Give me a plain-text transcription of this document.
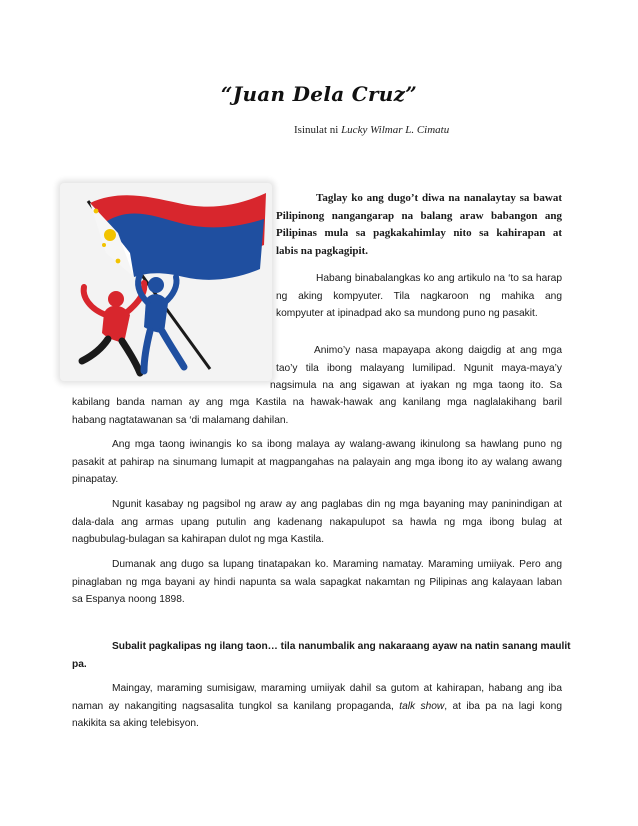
“Juan Dela Cruz”
Isinulat ni Lucky Wilmar L. Cimatu
Taglay ko ang dugo’t diwa na nanalaytay sa bawat
Pilipinong nangangarap na balang araw babangon ang
Pilipinas mula sa pagkakahimlay nito sa kahirapan at
labis na pagkagipit.
Habang binabalangkas ko ang artikulo na ‘to sa harap
ng aking kompyuter. Tila nagkaroon ng mahika ang
kompyuter at ipinadpad ako sa mundong puno ng pasakit.
Animo’y nasa mapayapa akong daigdig at ang mga
tao’y tila ibong malayang lumilipad. Ngunit maya-maya’y
nagsimula na ang sigawan at iyakan ng mga taong ito. Sa
kabilang banda naman ay ang mga Kastila na hawak-hawak ang kanilang mga naglalakihang baril
habang nagtatawanan sa ‘di malamang dahilan.
Ang mga taong iwinangis ko sa ibong malaya ay walang-awang ikinulong sa hawlang puno ng
pasakit at pahirap na sinumang lumapit at magpangahas na palayain ang mga ibong ito ay walang awang
pinapatay.
Ngunit kasabay ng pagsibol ng araw ay ang paglabas din ng mga bayaning may paninindigan at
dala-dala ang armas upang putulin ang kadenang nakapulupot sa hawla ng mga ibong bulag at
nagbubulag-bulagan sa kahirapan dulot ng mga Kastila.
Dumanak ang dugo sa lupang tinatapakan ko. Maraming namatay. Maraming umiiyak. Pero ang
pinaglaban ng mga bayani ay hindi napunta sa wala sapagkat nakamtan ng Pilipinas ang kalayaan laban
sa Espanya noong 1898.
Subalit pagkalipas ng ilang taon… tila nanumbalik ang nakaraang ayaw na natin sanang maulit
pa.
Maingay, maraming sumisigaw, maraming umiiyak dahil sa gutom at kahirapan, habang ang iba
naman ay nakangiting nagsasalita tungkol sa kanilang propaganda, talk show, at iba pa na lagi kong
nakikita sa aking telebisyon.
